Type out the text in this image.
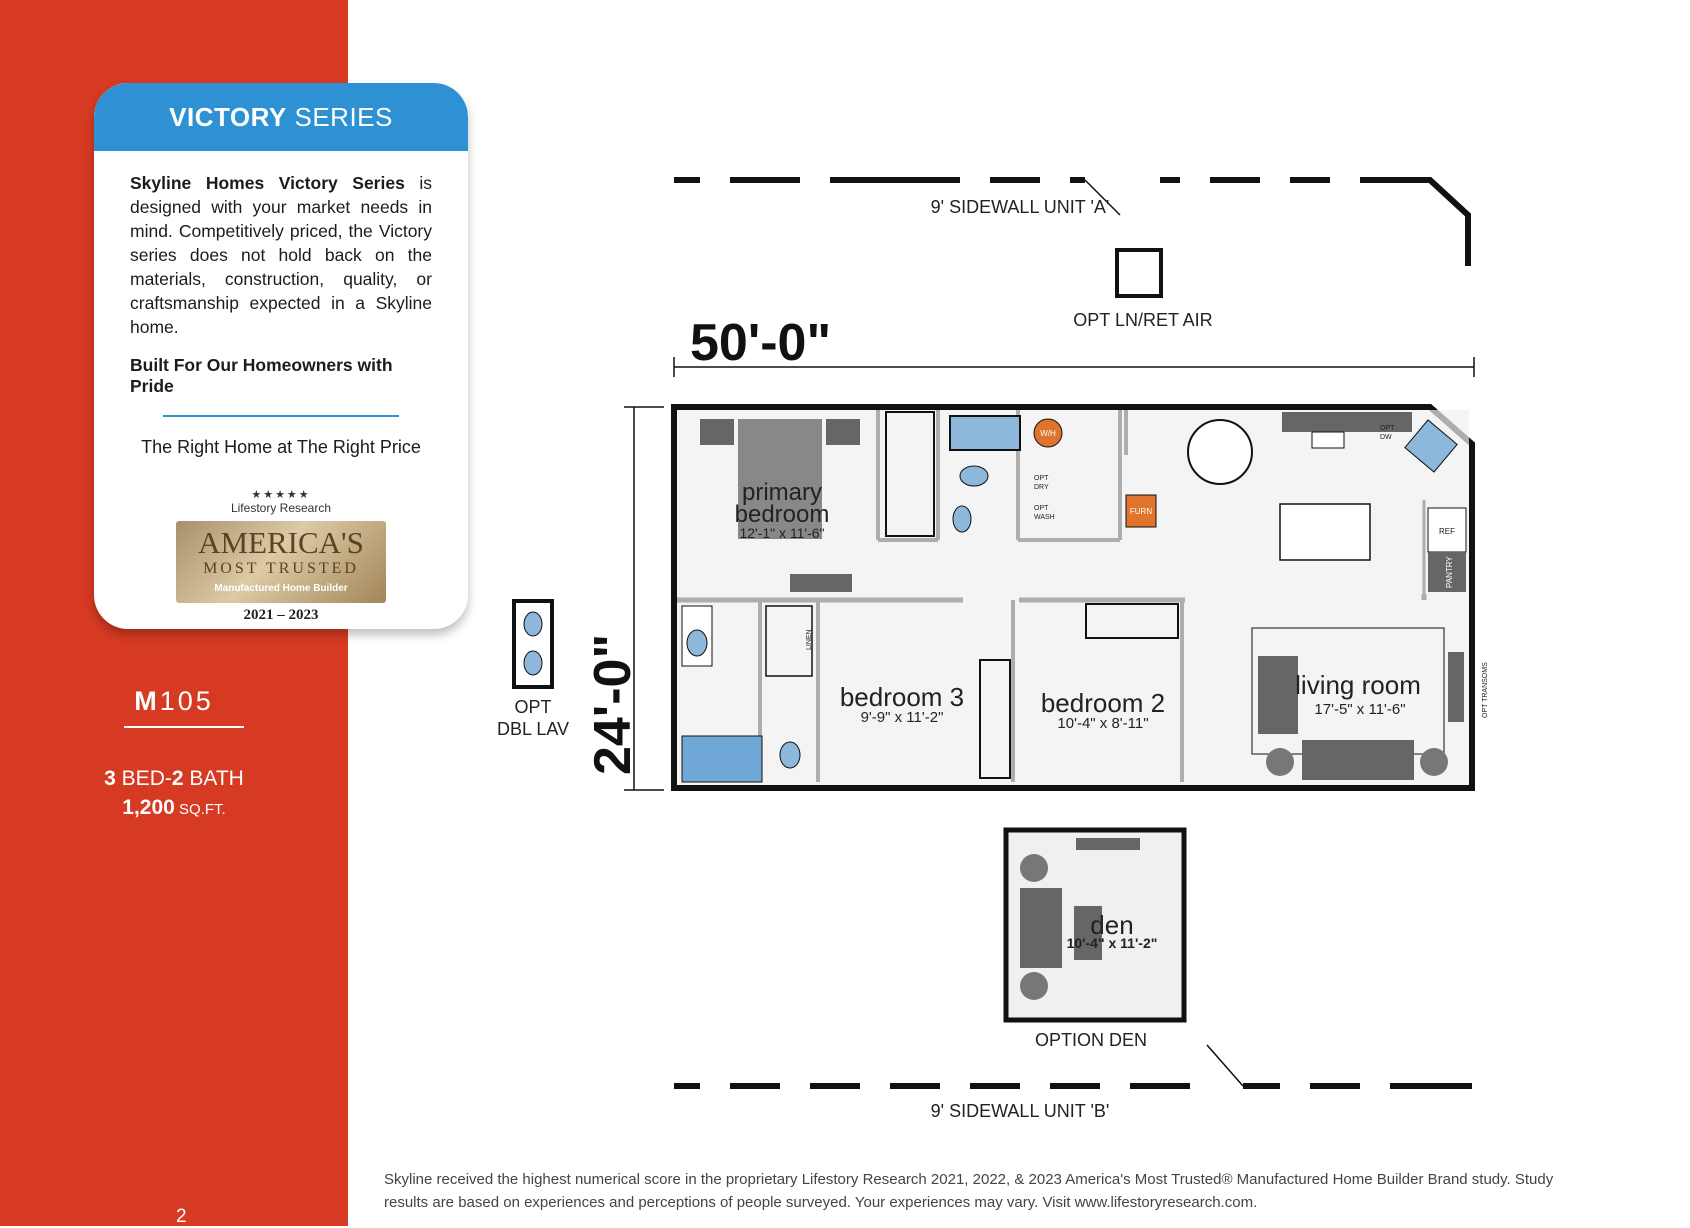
VICTORY SERIES

Skyline Homes Victory Series is designed with your market needs in mind. Competitively priced, the Victory series does not hold back on the materials, construction, quality, or craftsmanship expected in a Skyline home.

Built For Our Homeowners with Pride
The Right Home at The Right Price
★★★★★
Lifestory Research
AMERICA'S
MOST TRUSTED
Manufactured Home Builder
2021 – 2023
M105
3 BED-2 BATH
1,200 SQ.FT.
2
OPT LN/RET AIR
9' SIDEWALL UNIT 'A'
9' SIDEWALL UNIT 'B'
50'-0"
24'-0"
primary
bedroom
12'-1" x 11'-6"
W/H
FURN
OPT
DRY
OPT
WASH
OPT
DW
REF
PANTRY
LINEN
bedroom 3
9'-9" x 11'-2"	bedroom 2
10'-4" x 8'-11"
living room
17'-5" x 11'-6"	OPT TRANSOMS
OPT
DBL LAV
den
10'-4" x 11'-2"
OPTION DEN
Skyline received the highest numerical score in the proprietary Lifestory Research 2021, 2022, & 2023 America's Most Trusted® Manufactured Home Builder Brand study. Study results are based on experiences and perceptions of people surveyed. Your experiences may vary. Visit www.lifestoryresearch.com.
